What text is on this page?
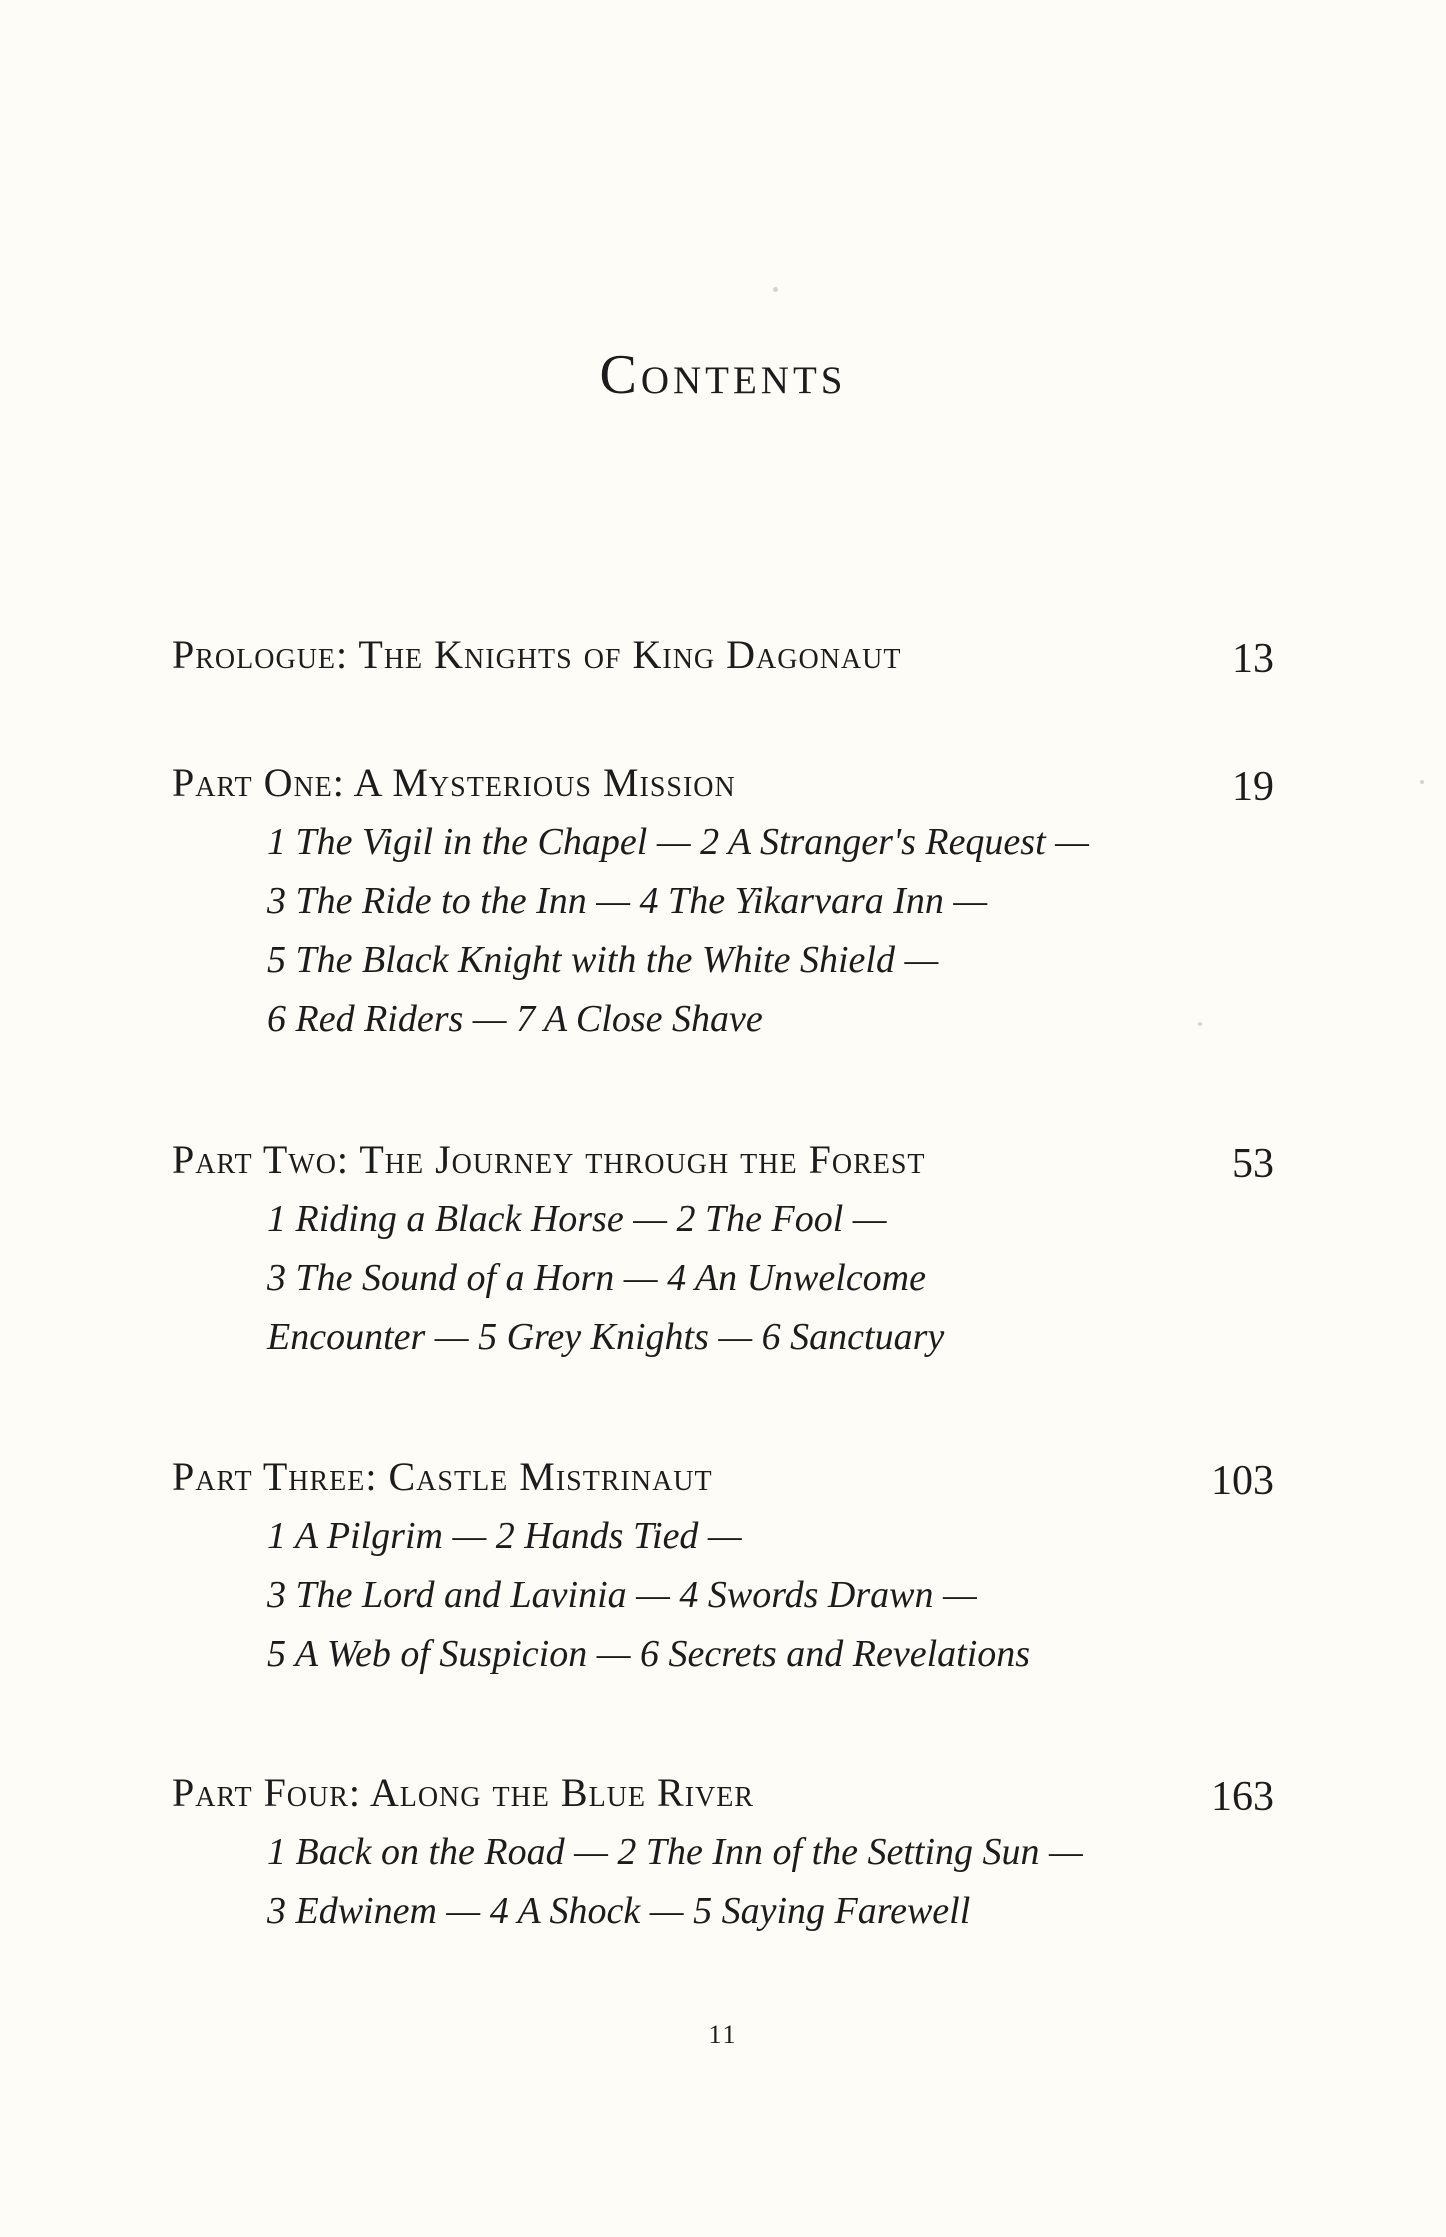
Contents
Prologue: The Knights of King Dagonaut	13
Part One: A Mysterious Mission	19
1 The Vigil in the Chapel — 2 A Stranger's Request —
3 The Ride to the Inn — 4 The Yikarvara Inn —
5 The Black Knight with the White Shield —
6 Red Riders — 7 A Close Shave
Part Two: The Journey through the Forest	53
1 Riding a Black Horse — 2 The Fool —
3 The Sound of a Horn — 4 An Unwelcome
Encounter — 5 Grey Knights — 6 Sanctuary
Part Three: Castle Mistrinaut	103
1 A Pilgrim — 2 Hands Tied —
3 The Lord and Lavinia — 4 Swords Drawn —
5 A Web of Suspicion — 6 Secrets and Revelations
Part Four: Along the Blue River	163
1 Back on the Road — 2 The Inn of the Setting Sun —
3 Edwinem — 4 A Shock — 5 Saying Farewell
11
